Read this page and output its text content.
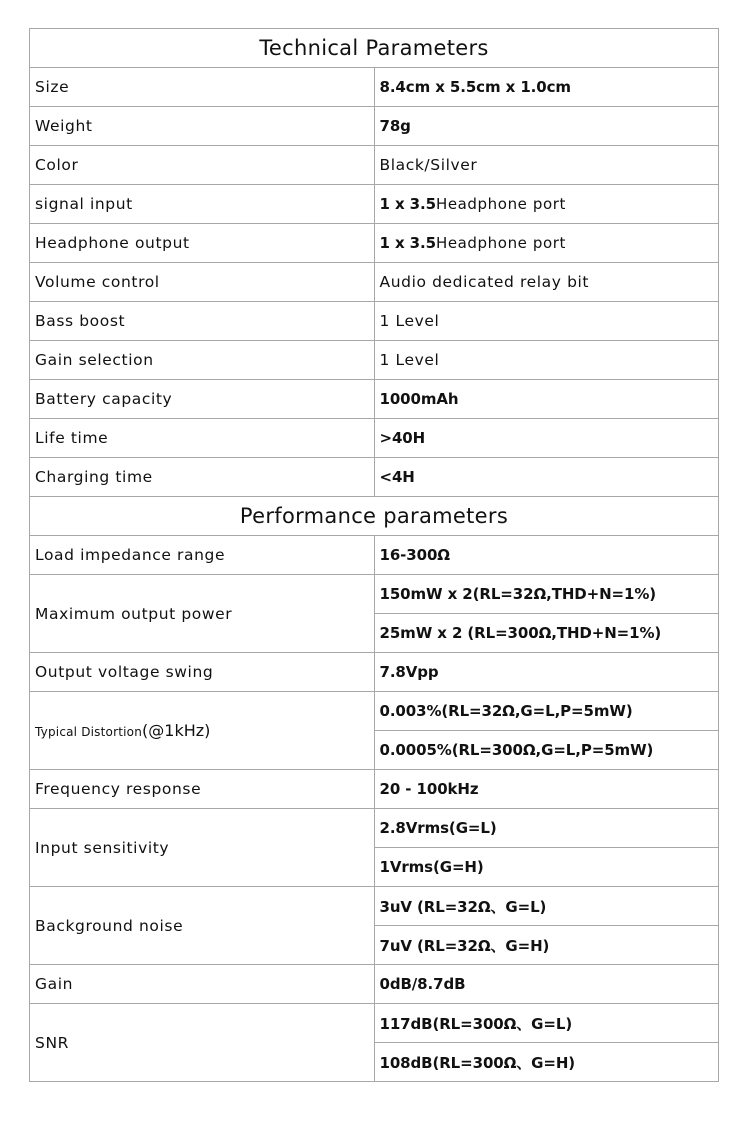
Technical Parameters	
Size	8.4cm x 5.5cm x 1.0cm
Weight	78g
Color	Black/Silver
signal input	1 x 3.5Headphone port
Headphone output	1 x 3.5Headphone port
Volume control	Audio dedicated relay bit
Bass boost	1 Level
Gain selection	1 Level
Battery capacity	1000mAh
Life time	>40H
Charging time	<4H
Performance parameters	
Load impedance range	16-300Ω
Maximum output power	150mW x 2(RL=32Ω,THD+N=1%)
	25mW x 2 (RL=300Ω,THD+N=1%)
Output voltage swing	7.8Vpp
Typical Distortion(@1kHz)	0.003%(RL=32Ω,G=L,P=5mW)
	0.0005%(RL=300Ω,G=L,P=5mW)
Frequency response	20 - 100kHz
Input sensitivity	2.8Vrms(G=L)
	1Vrms(G=H)
Background noise	3uV (RL=32Ω、G=L)
	7uV (RL=32Ω、G=H)
Gain	0dB/8.7dB
SNR	117dB(RL=300Ω、G=L)
	108dB(RL=300Ω、G=H)
